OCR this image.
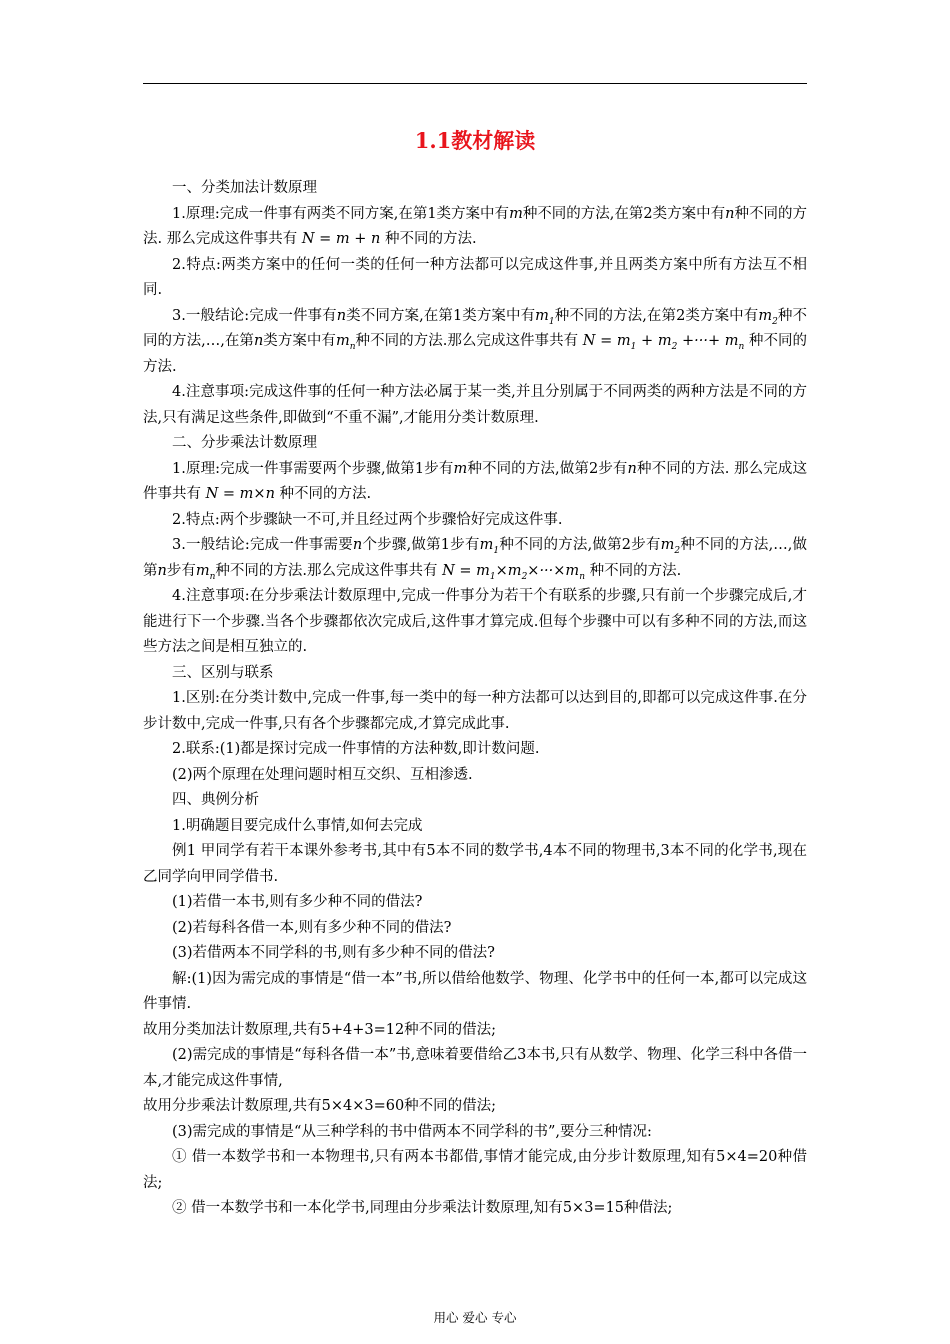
1.1教材解读

一、分类加法计数原理

1.原理:完成一件事有两类不同方案,在第1类方案中有m种不同的方法,在第2类方案中有n种不同的方法. 那么完成这件事共有 N = m + n 种不同的方法.

2.特点:两类方案中的任何一类的任何一种方法都可以完成这件事,并且两类方案中所有方法互不相同.

3.一般结论:完成一件事有n类不同方案,在第1类方案中有$m_1$种不同的方法,在第2类方案中有$m_2$种不同的方法,…,在第n类方案中有$m_n$种不同的方法.那么完成这件事共有 $N = m_1 + m_2$ +···+ $m_n$ 种不同的方法.

4.注意事项:完成这件事的任何一种方法必属于某一类,并且分别属于不同两类的两种方法是不同的方法,只有满足这些条件,即做到“不重不漏”,才能用分类计数原理.

二、分步乘法计数原理

1.原理:完成一件事需要两个步骤,做第1步有m种不同的方法,做第2步有n种不同的方法. 那么完成这件事共有 N = m×n 种不同的方法.

2.特点:两个步骤缺一不可,并且经过两个步骤恰好完成这件事.

3.一般结论:完成一件事需要n个步骤,做第1步有$m_1$种不同的方法,做第2步有$m_2$种不同的方法,…,做第n步有$m_n$种不同的方法.那么完成这件事共有 $N = m_1\times m_2\times\cdot\cdot\cdot\times m_n$ 种不同的方法.

4.注意事项:在分步乘法计数原理中,完成一件事分为若干个有联系的步骤,只有前一个步骤完成后,才能进行下一个步骤.当各个步骤都依次完成后,这件事才算完成.但每个步骤中可以有多种不同的方法,而这些方法之间是相互独立的.

三、区别与联系

1.区别:在分类计数中,完成一件事,每一类中的每一种方法都可以达到目的,即都可以完成这件事.在分步计数中,完成一件事,只有各个步骤都完成,才算完成此事.

2.联系:(1)都是探讨完成一件事情的方法种数,即计数问题.

(2)两个原理在处理问题时相互交织、互相渗透.

四、典例分析

1.明确题目要完成什么事情,如何去完成

例1 甲同学有若干本课外参考书,其中有5本不同的数学书,4本不同的物理书,3本不同的化学书,现在乙同学向甲同学借书.

(1)若借一本书,则有多少种不同的借法?

(2)若每科各借一本,则有多少种不同的借法?

(3)若借两本不同学科的书,则有多少种不同的借法?

解:(1)因为需完成的事情是“借一本”书,所以借给他数学、物理、化学书中的任何一本,都可以完成这件事情.

故用分类加法计数原理,共有5+4+3=12种不同的借法;

(2)需完成的事情是“每科各借一本”书,意味着要借给乙3本书,只有从数学、物理、化学三科中各借一本,才能完成这件事情,

故用分步乘法计数原理,共有5×4×3=60种不同的借法;

(3)需完成的事情是“从三种学科的书中借两本不同学科的书”,要分三种情况:

① 借一本数学书和一本物理书,只有两本书都借,事情才能完成,由分步计数原理,知有5×4=20种借法;

② 借一本数学书和一本化学书,同理由分步乘法计数原理,知有5×3=15种借法;

用心 爱心 专心
